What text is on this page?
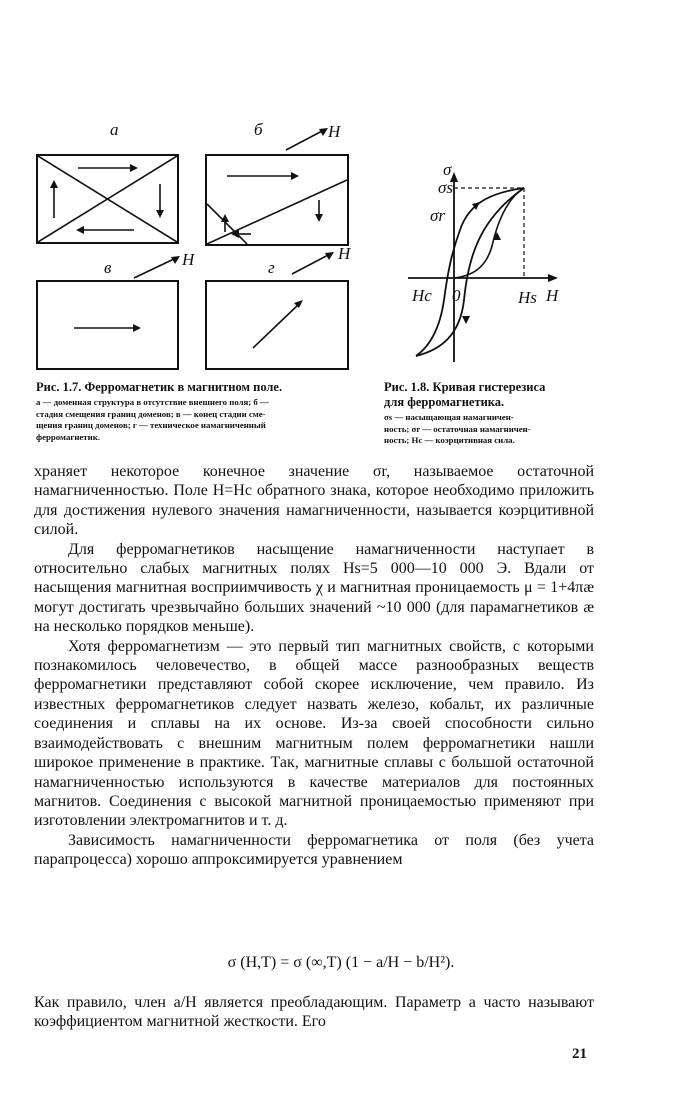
а	б	H
в	H	г
H
Рис. 1.7. Ферромагнетик в магнитном поле.
а — доменная структура в отсутствие внешнего поля; б —
стадия смещения границ доменов; в — конец стадии сме-
щения границ доменов; г — техническое намагниченный
ферромагнетик.
σ
σs
σr
Hc 0	Hs H
Рис. 1.8. Кривая гистерезиса
для ферромагнетика.
σs — насыщающая намагничен-
ность; σr — остаточная намагничен-
ность; Hc — коэрцитивная сила.

храняет некоторое конечное значение σr, называемое остаточной намагниченностью. Поле H=Hc обратного знака, которое необходимо приложить для достижения нулевого значения намагниченности, называется коэрцитивной силой.

Для ферромагнетиков насыщение намагниченности наступает в относительно слабых магнитных полях Hs=5 000—10 000 Э. Вдали от насыщения магнитная восприимчивость χ и магнитная проницаемость μ = 1+4πæ могут достигать чрезвычайно больших значений ~10 000 (для парамагнетиков æ на несколько порядков меньше).

Хотя ферромагнетизм — это первый тип магнитных свойств, с которыми познакомилось человечество, в общей массе разнообразных веществ ферромагнетики представляют собой скорее исключение, чем правило. Из известных ферромагнетиков следует назвать железо, кобальт, их различные соединения и сплавы на их основе. Из-за своей способности сильно взаимодействовать с внешним магнитным полем ферромагнетики нашли широкое применение в практике. Так, магнитные сплавы с большой остаточной намагниченностью используются в качестве материалов для постоянных магнитов. Соединения с высокой магнитной проницаемостью применяют при изготовлении электромагнитов и т. д.

Зависимость намагниченности ферромагнетика от поля (без учета парапроцесса) хорошо аппроксимируется уравнением

σ (H,T) = σ (∞,T) (1 − a/H − b/H²).

Как правило, член a/H является преобладающим. Параметр a часто называют коэффициентом магнитной жесткости. Его

21
